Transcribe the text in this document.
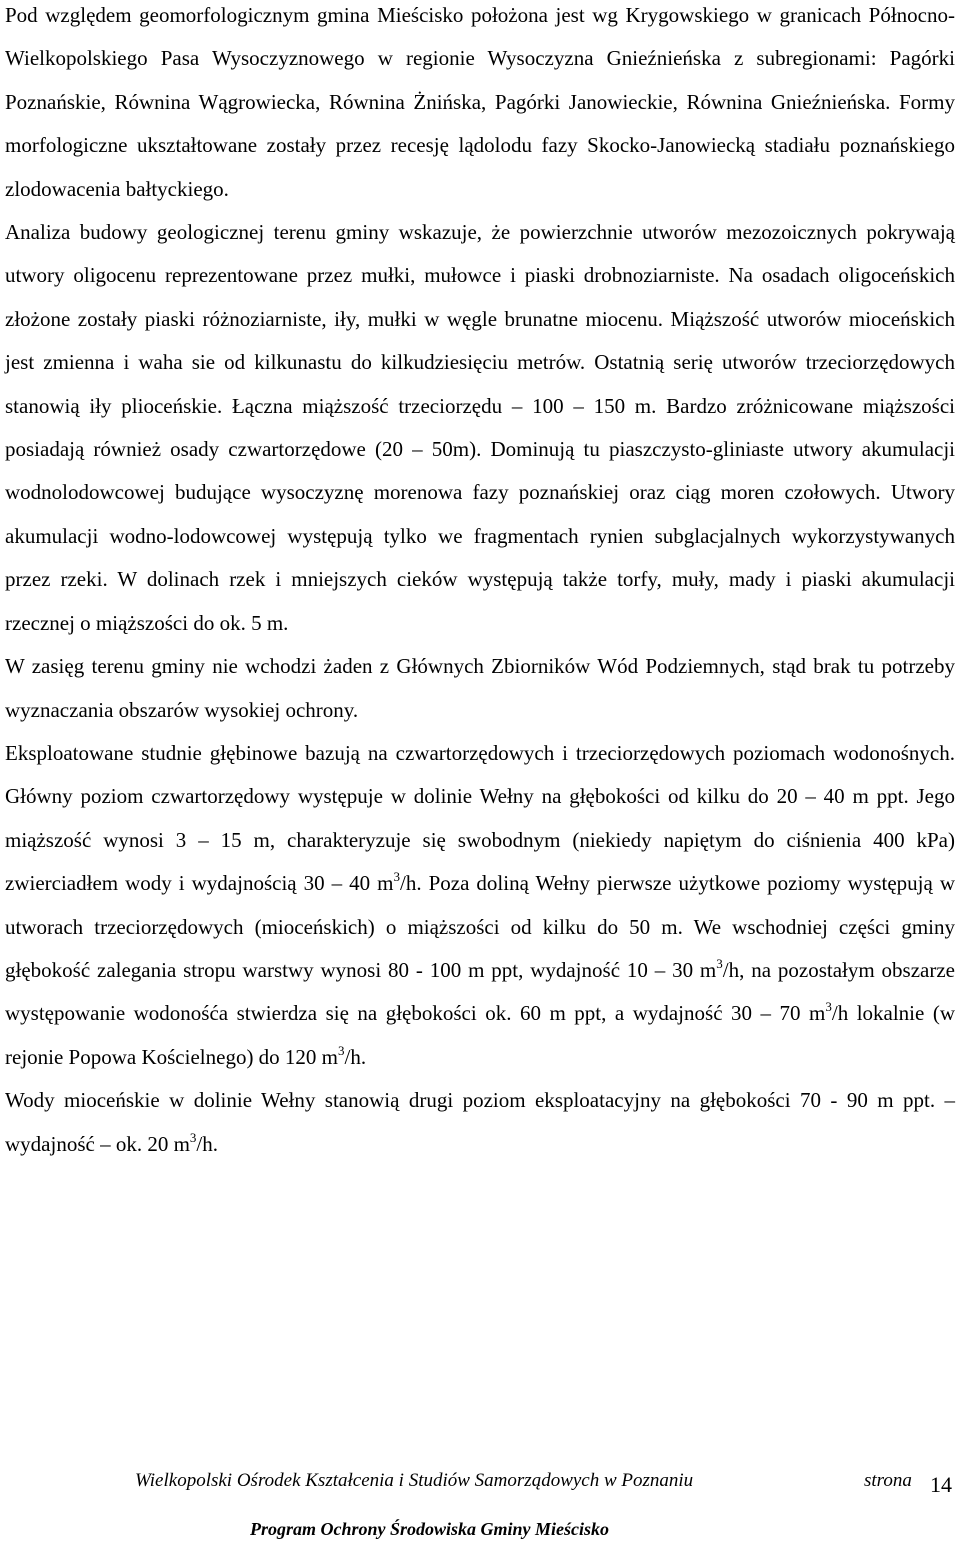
Pod względem geomorfologicznym gmina Mieścisko położona jest wg Krygowskiego w granicach Północno-Wielkopolskiego Pasa Wysoczyznowego w regionie Wysoczyzna Gnieźnieńska z subregionami: Pagórki Poznańskie, Równina Wągrowiecka, Równina Żnińska, Pagórki Janowieckie, Równina Gnieźnieńska. Formy morfologiczne ukształtowane zostały przez recesję lądolodu fazy Skocko-Janowiecką stadiału poznańskiego zlodowacenia bałtyckiego.

Analiza budowy geologicznej terenu gminy wskazuje, że powierzchnie utworów mezozoicznych pokrywają utwory oligocenu reprezentowane przez mułki, mułowce i piaski drobnoziarniste. Na osadach oligoceńskich złożone zostały piaski różnoziarniste, iły, mułki w węgle brunatne miocenu. Miąższość utworów mioceńskich jest zmienna i waha sie od kilkunastu do kilkudziesięciu metrów. Ostatnią serię utworów trzeciorzędowych stanowią iły plioceńskie. Łączna miąższość trzeciorzędu – 100 – 150 m. Bardzo zróżnicowane miąższości posiadają również osady czwartorzędowe (20 – 50m). Dominują tu piaszczysto-gliniaste utwory akumulacji wodnolodowcowej budujące wysoczyznę morenowa fazy poznańskiej oraz ciąg moren czołowych. Utwory akumulacji wodno-lodowcowej występują tylko we fragmentach rynien subglacjalnych wykorzystywanych przez rzeki. W dolinach rzek i mniejszych cieków występują także torfy, muły, mady i piaski akumulacji rzecznej o miąższości do ok. 5 m.

W zasięg terenu gminy nie wchodzi żaden z Głównych Zbiorników Wód Podziemnych, stąd brak tu potrzeby wyznaczania obszarów wysokiej ochrony.

Eksploatowane studnie głębinowe bazują na czwartorzędowych i trzeciorzędowych poziomach wodonośnych. Główny poziom czwartorzędowy występuje w dolinie Wełny na głębokości od kilku do 20 – 40 m ppt. Jego miąższość wynosi 3 – 15 m, charakteryzuje się swobodnym (niekiedy napiętym do ciśnienia 400 kPa) zwierciadłem wody i wydajnością 30 – 40 $m^3/h$. Poza doliną Wełny pierwsze użytkowe poziomy występują w utworach trzeciorzędowych (mioceńskich) o miąższości od kilku do 50 m. We wschodniej części gminy głębokość zalegania stropu warstwy wynosi 80 - 100 m ppt, wydajność 10 – 30 $m^3/h$, na pozostałym obszarze występowanie wodonośća stwierdza się na głębokości ok. 60 m ppt, a wydajność 30 – 70 $m^3/h$ lokalnie (w rejonie Popowa Kościelnego) do 120 $m^3/h$.

Wody mioceńskie w dolinie Wełny stanowią drugi poziom eksploatacyjny na głębokości 70 - 90 m ppt. – wydajność – ok. 20 $m^3/h$.

Wielkopolski Ośrodek Kształcenia i Studiów Samorządowych w Poznaniu	strona 14
Program Ochrony Środowiska Gminy Mieścisko
